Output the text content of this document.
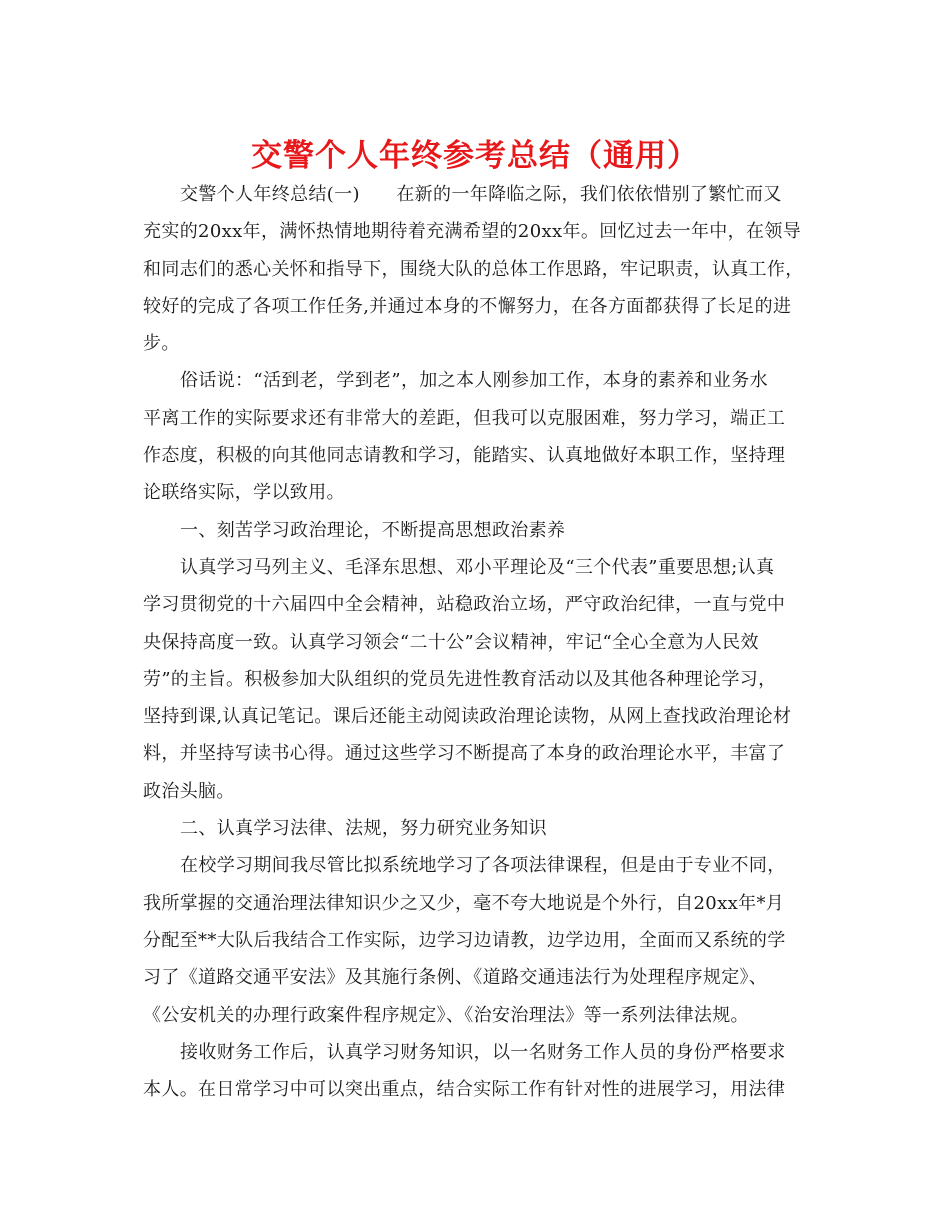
交警个人年终参考总结（通用）
交警个人年终总结(一)      在新的一年降临之际，我们依依惜别了繁忙而又
充实的20xx年，满怀热情地期待着充满希望的20xx年。回忆过去一年中，在领导
和同志们的悉心关怀和指导下，围绕大队的总体工作思路，牢记职责，认真工作，
较好的完成了各项工作任务,并通过本身的不懈努力，在各方面都获得了长足的进
步。
俗话说：“活到老，学到老”，加之本人刚参加工作，本身的素养和业务水
平离工作的实际要求还有非常大的差距，但我可以克服困难，努力学习，端正工
作态度，积极的向其他同志请教和学习，能踏实、认真地做好本职工作，坚持理
论联络实际，学以致用。
一、刻苦学习政治理论，不断提高思想政治素养
认真学习马列主义、毛泽东思想、邓小平理论及“三个代表”重要思想;认真
学习贯彻党的十六届四中全会精神，站稳政治立场，严守政治纪律，一直与党中
央保持高度一致。认真学习领会“二十公”会议精神，牢记“全心全意为人民效
劳”的主旨。积极参加大队组织的党员先进性教育活动以及其他各种理论学习，
坚持到课,认真记笔记。课后还能主动阅读政治理论读物，从网上查找政治理论材
料，并坚持写读书心得。通过这些学习不断提高了本身的政治理论水平，丰富了
政治头脑。
二、认真学习法律、法规，努力研究业务知识
在校学习期间我尽管比拟系统地学习了各项法律课程，但是由于专业不同，
我所掌握的交通治理法律知识少之又少，毫不夸大地说是个外行，自20xx年*月
分配至**大队后我结合工作实际，边学习边请教，边学边用，全面而又系统的学
习了《道路交通平安法》及其施行条例、《道路交通违法行为处理程序规定》、
《公安机关的办理行政案件程序规定》、《治安治理法》等一系列法律法规。
接收财务工作后，认真学习财务知识，以一名财务工作人员的身份严格要求
本人。在日常学习中可以突出重点，结合实际工作有针对性的进展学习，用法律
